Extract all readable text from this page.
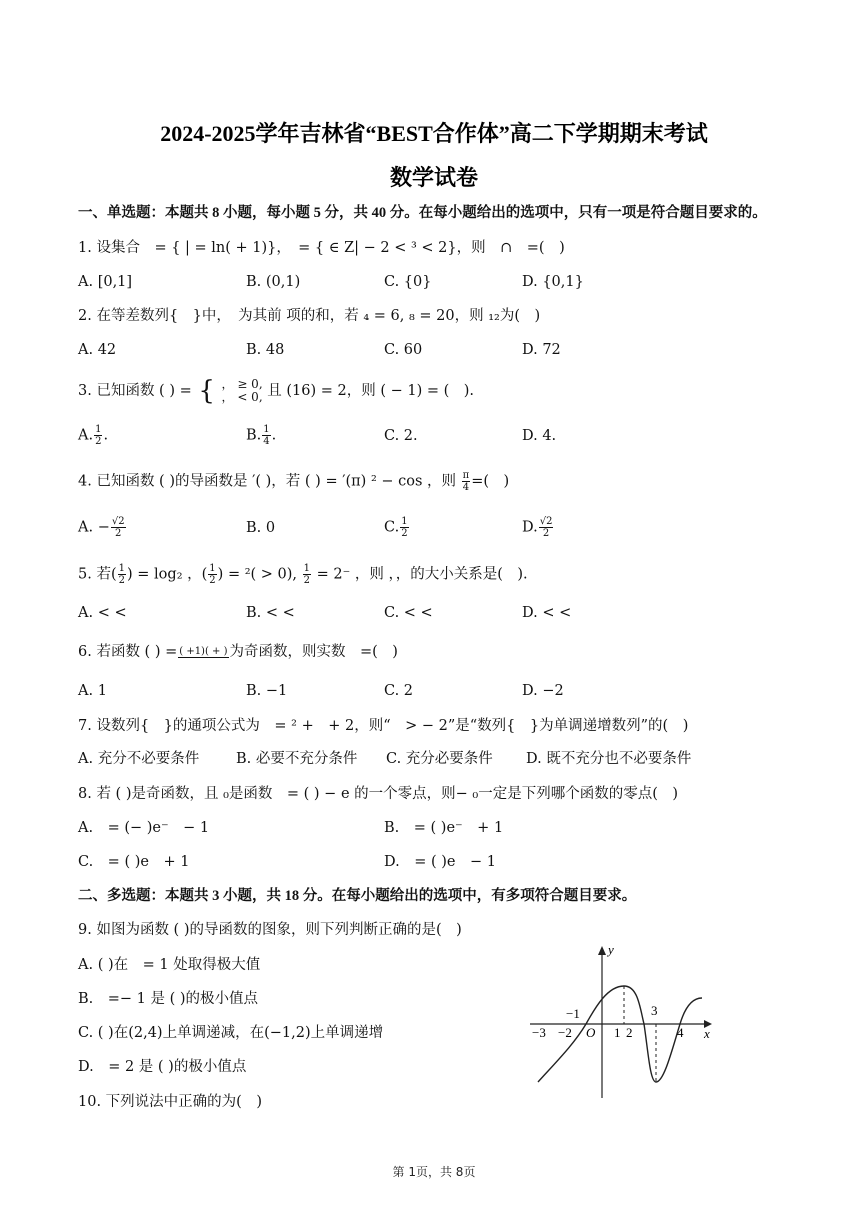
2024-2025学年吉林省“BEST合作体”高二下学期期末考试
数学试卷
一、单选题：本题共 8 小题，每小题 5 分，共 40 分。在每小题给出的选项中，只有一项是符合题目要求的。
1. 设集合　= { | = ln( + 1)}，　= { ∈ Z| − 2 < ³ < 2}，则　∩　=(　)
A. [0,1]	B. (0,1)	C. {0}	D. {0,1}
2. 在等差数列{　}中，　为其前 项的和，若 ₄ = 6, ₈ = 20，则 ₁₂为(　)
A. 42	B. 48	C. 60	D. 72
3. 已知函数 ( ) = { ， ≥ 0,
， < 0, 且 (16) = 2，则 ( − 1) = (　).
A. $\frac{1}{2}$ .	B. $\frac{1}{4}$ .	C. 2.	D. 4.
4. 已知函数 ( )的导函数是 ′( )，若 ( ) = ′(π) ² − cos ，则 $\frac{\pi}{4}$ =(　)
A. − $\frac{√2}{2}$	B. 0	C. $\frac{1}{2}$	D. $\frac{√2}{2}$
5. 若( $\frac{1}{2}$ ) = log₂ ，( $\frac{1}{2}$ ) = ²( > 0), $\frac{1}{2} = 2^-$ ，则 ，，的大小关系是(　).
A. < <	B. < <	C. < <	D. < <
6. 若函数 ( ) = ( +1)( + ) 为奇函数，则实数　=(　)
A. 1	B. −1	C. 2	D. −2
7. 设数列{　}的通项公式为　= ² +　+ 2，则“　> − 2”是“数列{　}为单调递增数列”的(　)
A. 充分不必要条件	B. 必要不充分条件 C. 充分必要条件 D. 既不充分也不必要条件
8. 若 ( )是奇函数，且 ₀是函数　= ( ) − e 的一个零点，则− ₀一定是下列哪个函数的零点(　)
A.　= (− )e⁻　− 1	B.　= ( )e⁻　+ 1
C.　= ( )e　+ 1	D.　= ( )e　− 1
二、多选题：本题共 3 小题，共 18 分。在每小题给出的选项中，有多项符合题目要求。
9. 如图为函数 ( )的导函数的图象，则下列判断正确的是(　)
A. ( )在　= 1 处取得极大值
B.　=− 1 是 ( )的极小值点
C. ( )在(2,4)上单调递减，在(−1,2)上单调递增
D.　= 2 是 ( )的极小值点
10. 下列说法中正确的为(　)
y
x
O
−3 −2
−1
1 2
3
4
第 1页，共 8页
